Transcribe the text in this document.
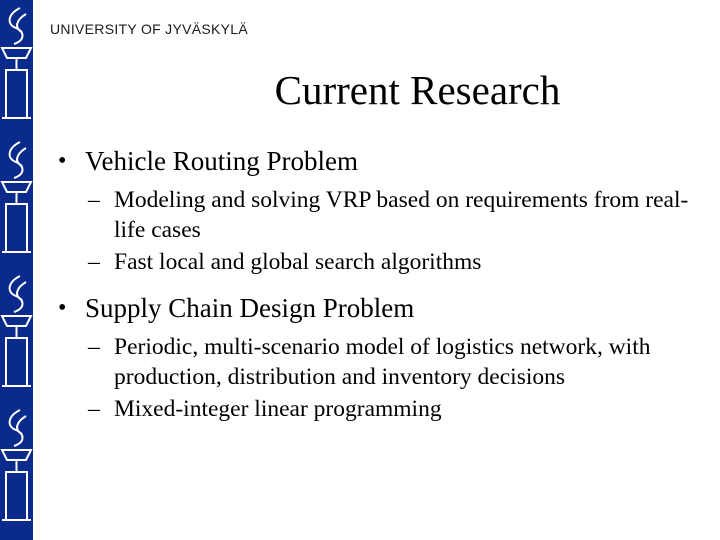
UNIVERSITY OF JYVÄSKYLÄ
Current Research

• Vehicle Routing Problem

– Modeling and solving VRP based on requirements from real-life cases

– Fast local and global search algorithms

• Supply Chain Design Problem

– Periodic, multi-scenario model of logistics network, with production, distribution and inventory decisions

– Mixed-integer linear programming
